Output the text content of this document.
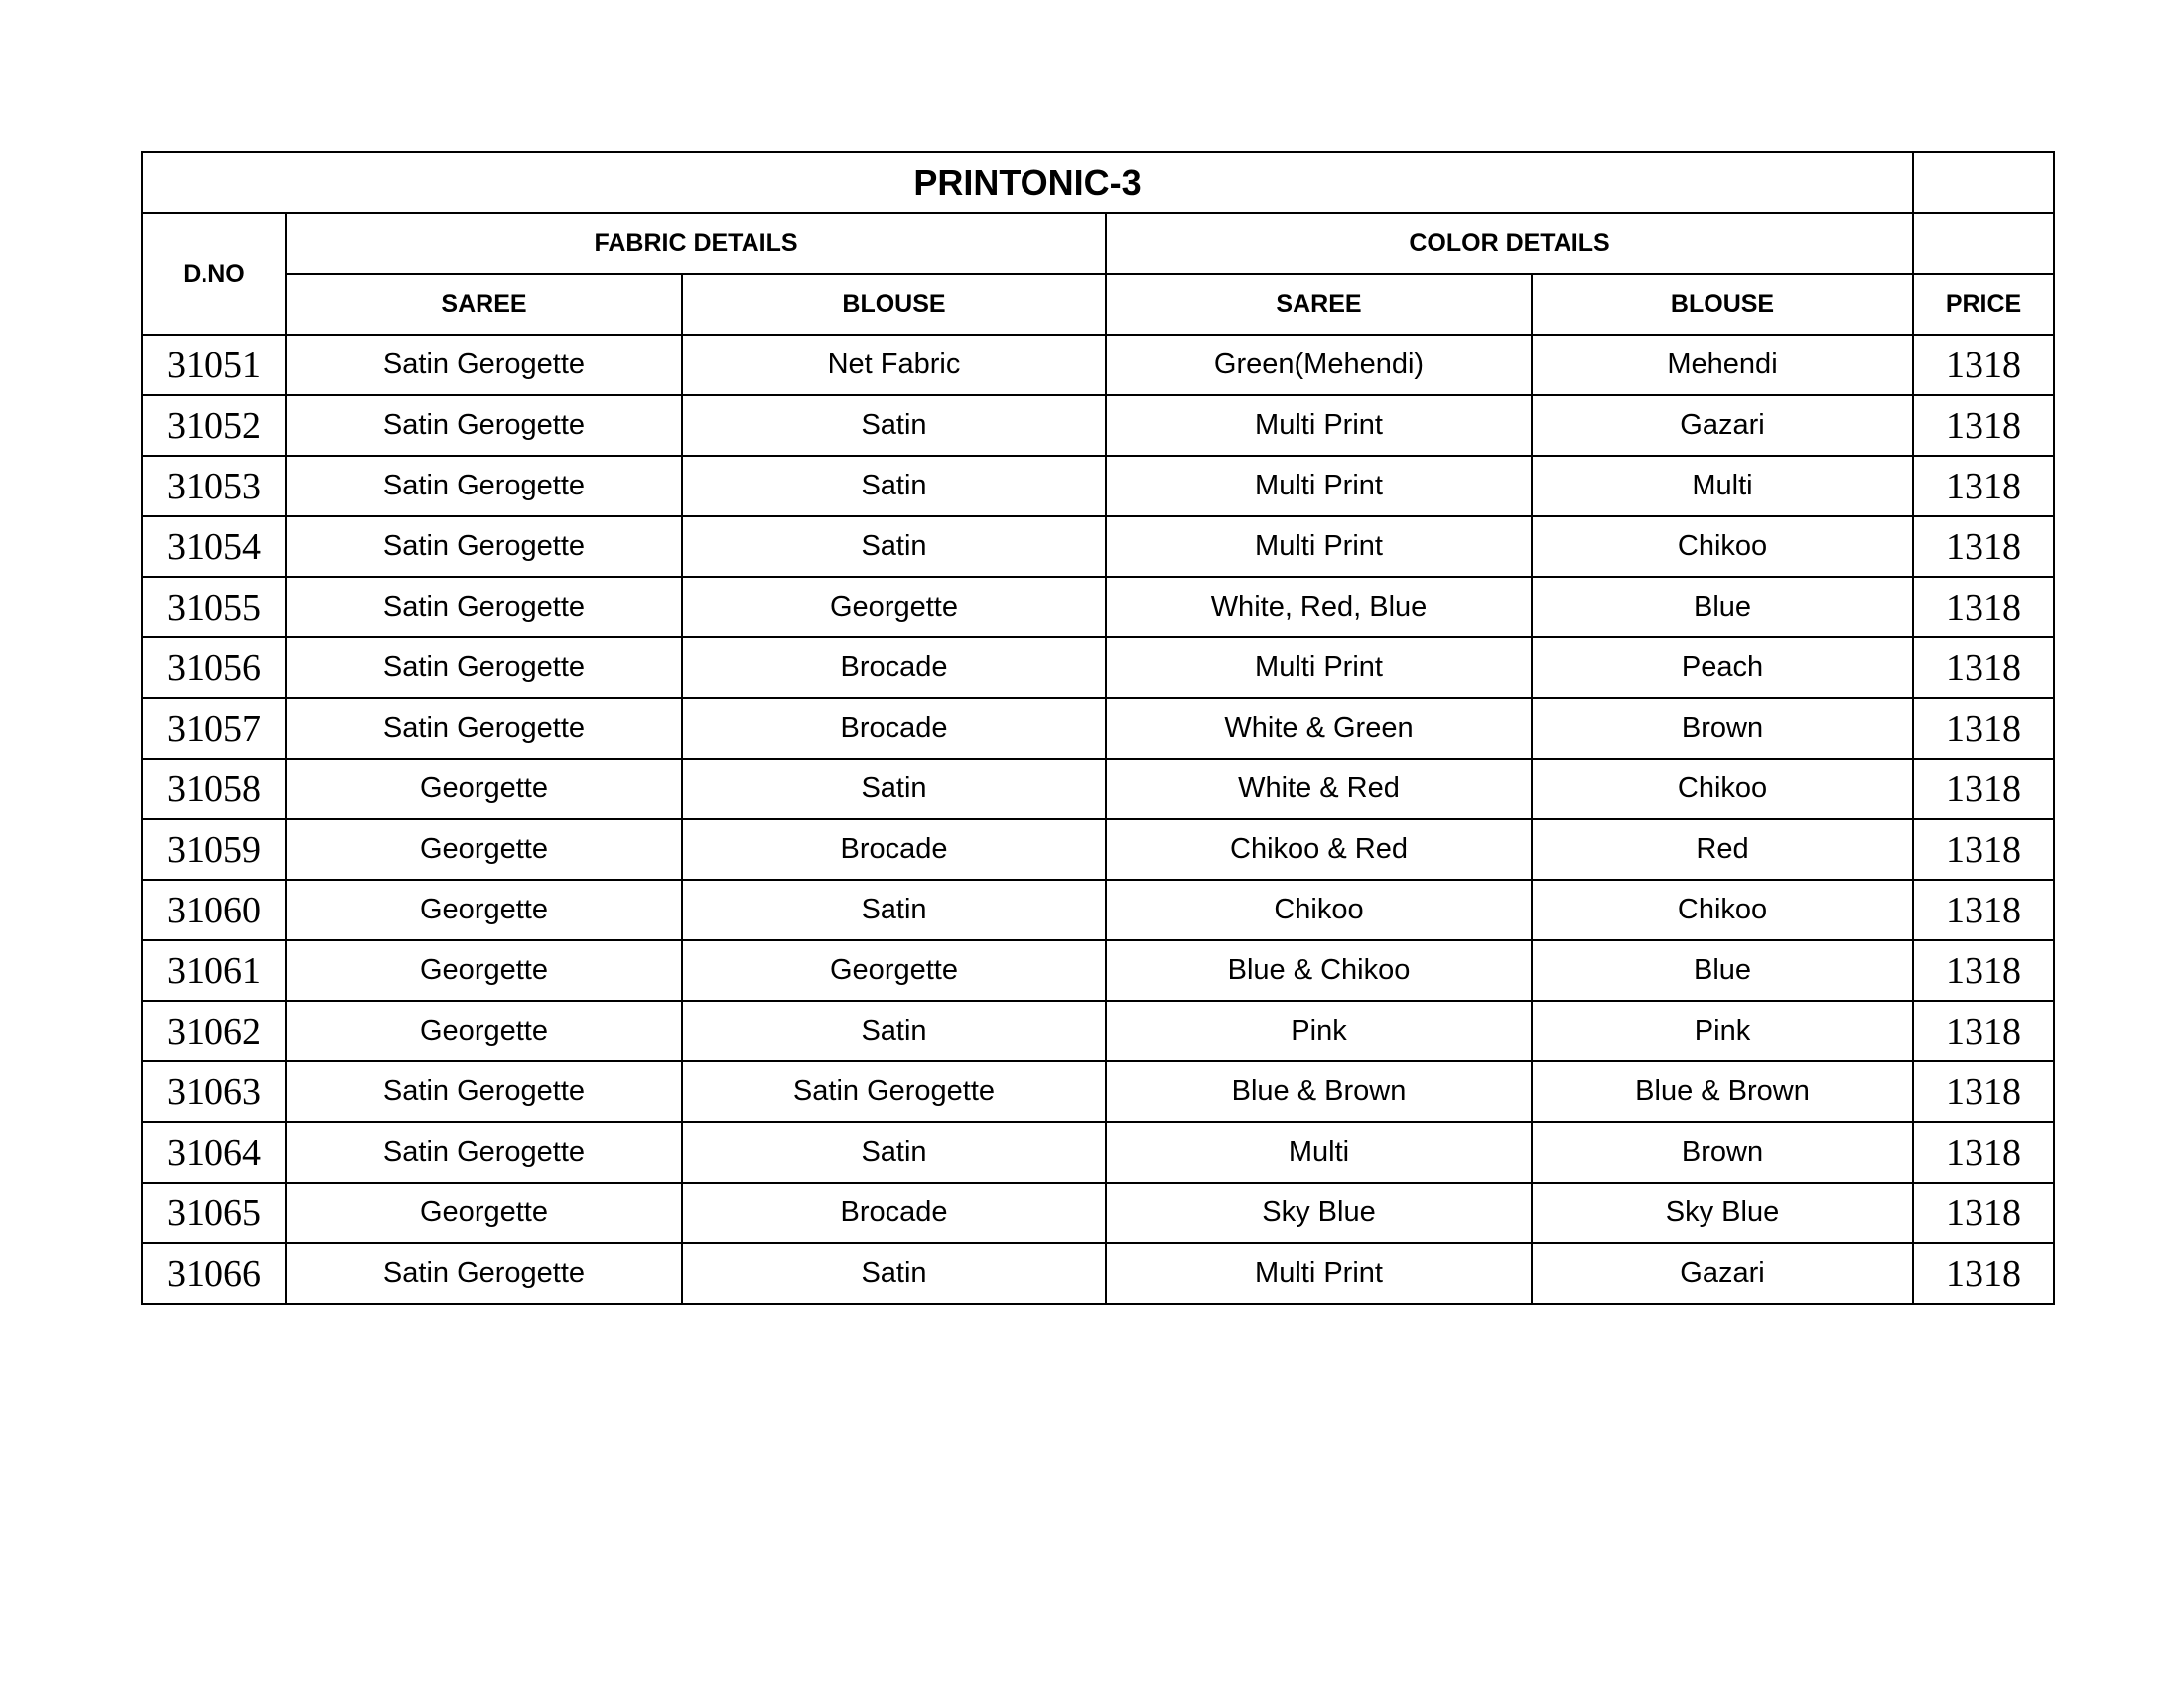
PRINTONIC-3					
D.NO	FABRIC DETAILS		COLOR DETAILS		
	SAREE	BLOUSE	SAREE	BLOUSE	PRICE
31051	Satin Gerogette	Net Fabric	Green(Mehendi)	Mehendi	1318
31052	Satin Gerogette	Satin	Multi Print	Gazari	1318
31053	Satin Gerogette	Satin	Multi Print	Multi	1318
31054	Satin Gerogette	Satin	Multi Print	Chikoo	1318
31055	Satin Gerogette	Georgette	White, Red, Blue	Blue	1318
31056	Satin Gerogette	Brocade	Multi Print	Peach	1318
31057	Satin Gerogette	Brocade	White & Green	Brown	1318
31058	Georgette	Satin	White & Red	Chikoo	1318
31059	Georgette	Brocade	Chikoo & Red	Red	1318
31060	Georgette	Satin	Chikoo	Chikoo	1318
31061	Georgette	Georgette	Blue & Chikoo	Blue	1318
31062	Georgette	Satin	Pink	Pink	1318
31063	Satin Gerogette	Satin Gerogette	Blue & Brown	Blue & Brown	1318
31064	Satin Gerogette	Satin	Multi	Brown	1318
31065	Georgette	Brocade	Sky Blue	Sky Blue	1318
31066	Satin Gerogette	Satin	Multi Print	Gazari	1318
